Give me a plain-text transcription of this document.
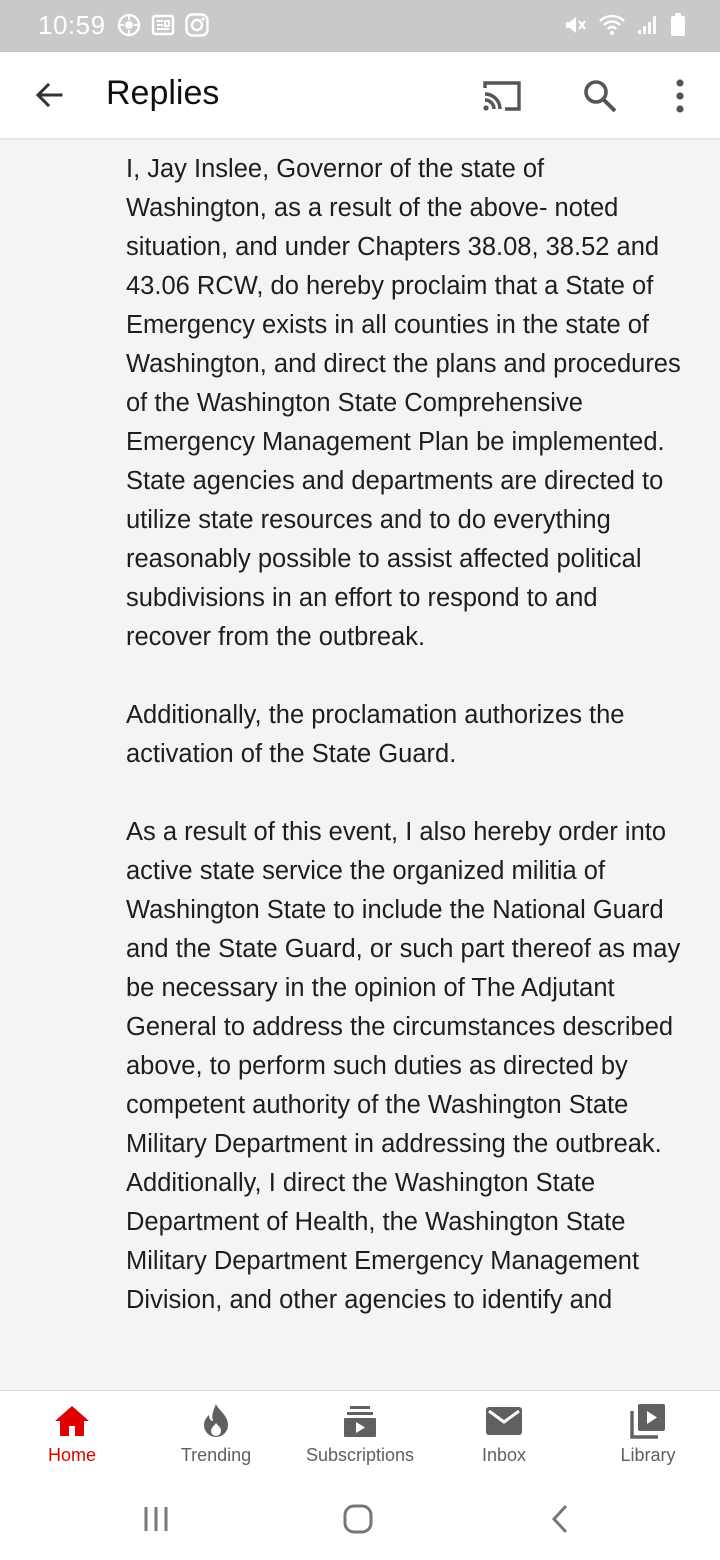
10:59
Replies

I, Jay Inslee, Governor of the state of Washington, as a result of the above- noted situation, and under Chapters 38.08, 38.52 and 43.06 RCW, do hereby proclaim that a State of Emergency exists in all counties in the state of Washington, and direct the plans and procedures of the Washington State Comprehensive Emergency Management Plan be implemented. State agencies and departments are directed to utilize state resources and to do everything reasonably possible to assist affected political subdivisions in an effort to respond to and recover from the outbreak.

Additionally, the proclamation authorizes the activation of the State Guard.

As a result of this event, I also hereby order into active state service the organized militia of Washington State to include the National Guard and the State Guard, or such part thereof as may be necessary in the opinion of The Adjutant General to address the circumstances described above, to perform such duties as directed by competent authority of the Washington State Military Department in addressing the outbreak. Additionally, I direct the Washington State Department of Health, the Washington State Military Department Emergency Management Division, and other agencies to identify and

Home	Trending	Subscriptions	Inbox	Library
